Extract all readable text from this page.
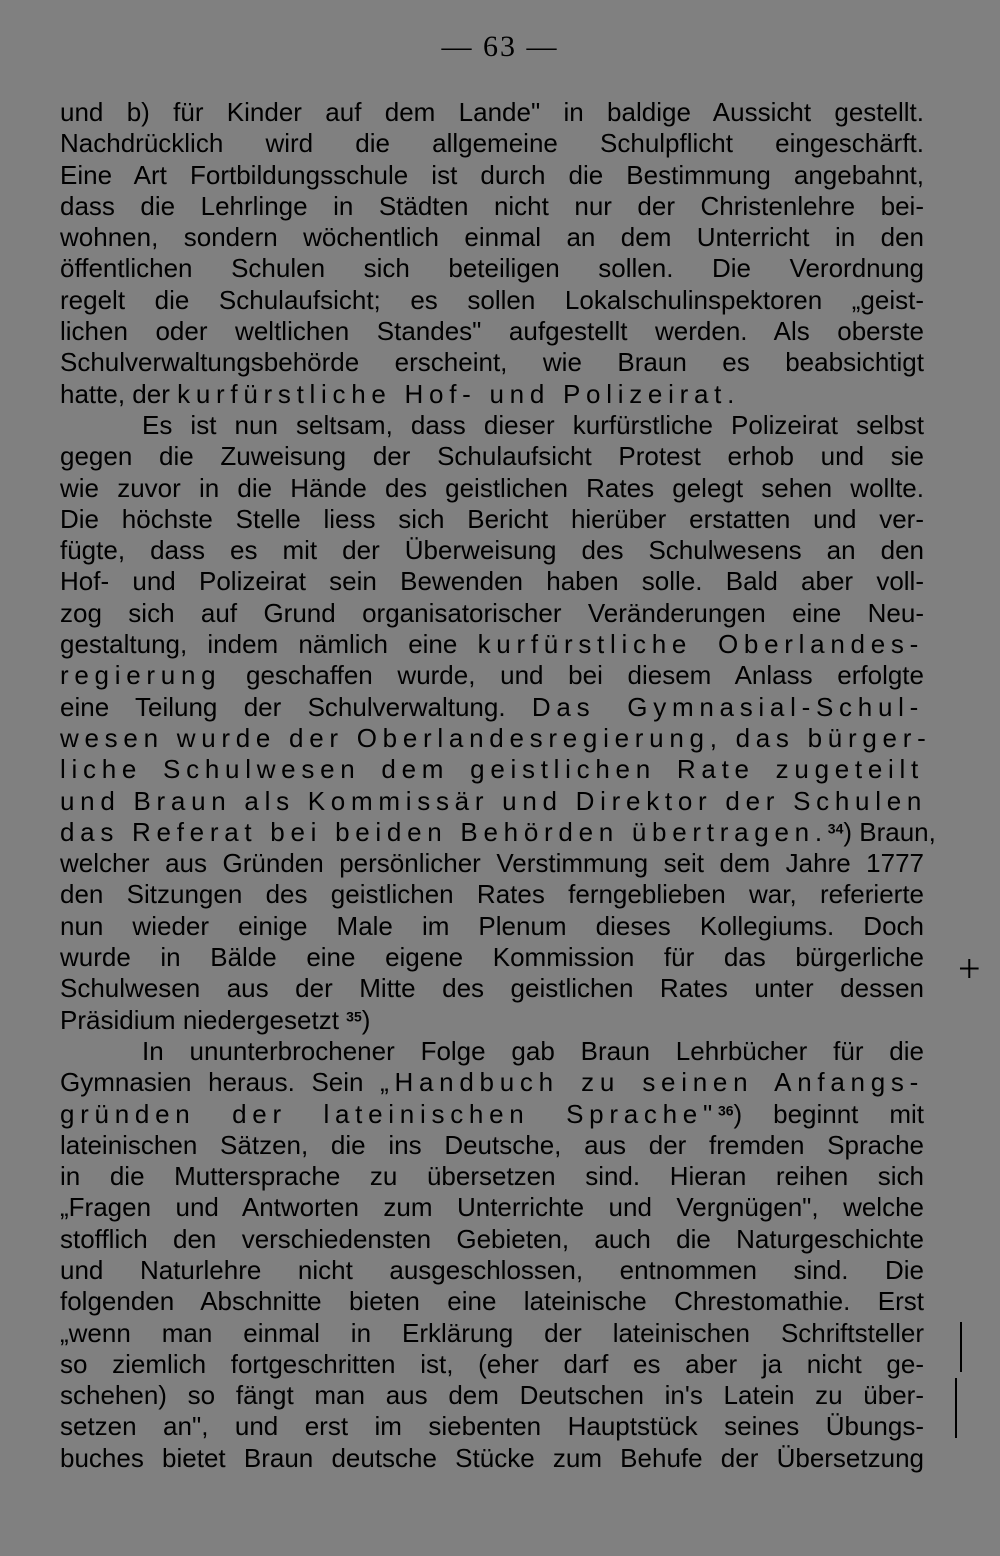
— 63 —
und b) für Kinder auf dem Lande" in baldige Aussicht gestellt.
Nachdrücklich wird die allgemeine Schulpflicht eingeschärft.
Eine Art Fortbildungsschule ist durch die Bestimmung angebahnt,
dass die Lehrlinge in Städten nicht nur der Christenlehre bei-
wohnen, sondern wöchentlich einmal an dem Unterricht in den
öffentlichen Schulen sich beteiligen sollen. Die Verordnung
regelt die Schulaufsicht; es sollen Lokalschulinspektoren „geist-
lichen oder weltlichen Standes" aufgestellt werden. Als oberste
Schulverwaltungsbehörde erscheint, wie Braun es beabsichtigt
hatte, der kurfürstliche Hof- und Polizeirat.
Es ist nun seltsam, dass dieser kurfürstliche Polizeirat selbst
gegen die Zuweisung der Schulaufsicht Protest erhob und sie
wie zuvor in die Hände des geistlichen Rates gelegt sehen wollte.
Die höchste Stelle liess sich Bericht hierüber erstatten und ver-
fügte, dass es mit der Überweisung des Schulwesens an den
Hof- und Polizeirat sein Bewenden haben solle. Bald aber voll-
zog sich auf Grund organisatorischer Veränderungen eine Neu-
gestaltung, indem nämlich eine kurfürstliche Oberlandes-
regierung geschaffen wurde, und bei diesem Anlass erfolgte
eine Teilung der Schulverwaltung. Das Gymnasial-Schul-
wesen wurde der Oberlandesregierung, das bürger-
liche Schulwesen dem geistlichen Rate zugeteilt
und Braun als Kommissär und Direktor der Schulen
das Referat bei beiden Behörden übertragen.$^{34}$) Braun,
welcher aus Gründen persönlicher Verstimmung seit dem Jahre 1777
den Sitzungen des geistlichen Rates ferngeblieben war, referierte
nun wieder einige Male im Plenum dieses Kollegiums. Doch
wurde in Bälde eine eigene Kommission für das bürgerliche
Schulwesen aus der Mitte des geistlichen Rates unter dessen
Präsidium niedergesetzt $^{35}$)
In ununterbrochener Folge gab Braun Lehrbücher für die
Gymnasien heraus. Sein „Handbuch zu seinen Anfangs-
gründen der lateinischen Sprache"$^{36}$) beginnt mit
lateinischen Sätzen, die ins Deutsche, aus der fremden Sprache
in die Muttersprache zu übersetzen sind. Hieran reihen sich
„Fragen und Antworten zum Unterrichte und Vergnügen", welche
stofflich den verschiedensten Gebieten, auch die Naturgeschichte
und Naturlehre nicht ausgeschlossen, entnommen sind. Die
folgenden Abschnitte bieten eine lateinische Chrestomathie. Erst
„wenn man einmal in Erklärung der lateinischen Schriftsteller
so ziemlich fortgeschritten ist, (eher darf es aber ja nicht ge-
schehen) so fängt man aus dem Deutschen in's Latein zu über-
setzen an", und erst im siebenten Hauptstück seines Übungs-
buches bietet Braun deutsche Stücke zum Behufe der Übersetzung
+
